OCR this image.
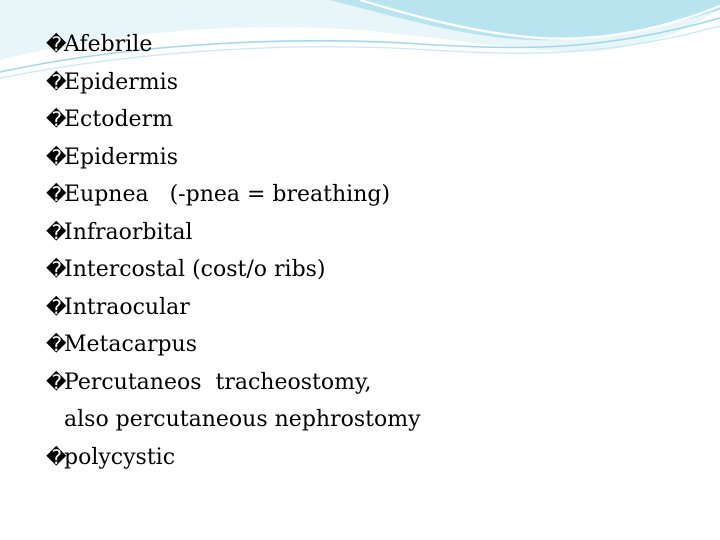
�
Afebrile
�
Epidermis
�
Ectoderm
�
Epidermis
�
Eupnea   (-pnea = breathing)
�
Infraorbital
�
Intercostal (cost/o ribs)
�
Intraocular
�
Metacarpus
�
Percutaneos  tracheostomy,
also percutaneous nephrostomy
�
polycystic
